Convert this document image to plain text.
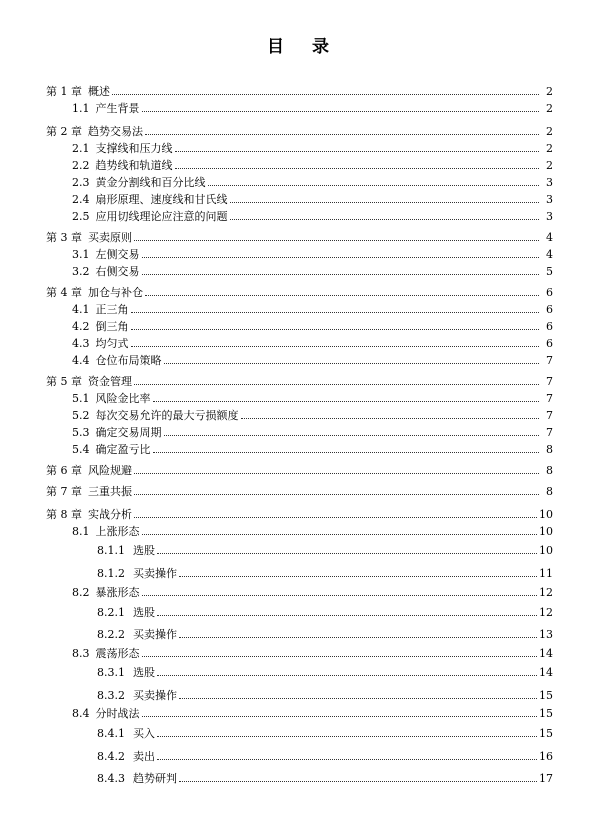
目 录
第 1 章 概述	2
1.1 产生背景	2
第 2 章 趋势交易法	2
2.1 支撑线和压力线	2
2.2 趋势线和轨道线	2
2.3 黄金分割线和百分比线	3
2.4 扇形原理、速度线和甘氏线	3
2.5 应用切线理论应注意的问题	3
第 3 章 买卖原则	4
3.1 左侧交易	4
3.2 右侧交易	5
第 4 章 加仓与补仓	6
4.1 正三角	6
4.2 倒三角	6
4.3 均匀式	6
4.4 仓位布局策略	7
第 5 章 资金管理	7
5.1 风险金比率	7
5.2 每次交易允许的最大亏损额度	7
5.3 确定交易周期	7
5.4 确定盈亏比	8
第 6 章 风险规避	8
第 7 章 三重共振	8
第 8 章 实战分析	10
8.1 上涨形态	10
8.1.1 选股	10
8.1.2 买卖操作	11
8.2 暴涨形态	12
8.2.1 选股	12
8.2.2 买卖操作	13
8.3 震荡形态	14
8.3.1 选股	14
8.3.2 买卖操作	15
8.4 分时战法	15
8.4.1 买入	15
8.4.2 卖出	16
8.4.3 趋势研判	17
